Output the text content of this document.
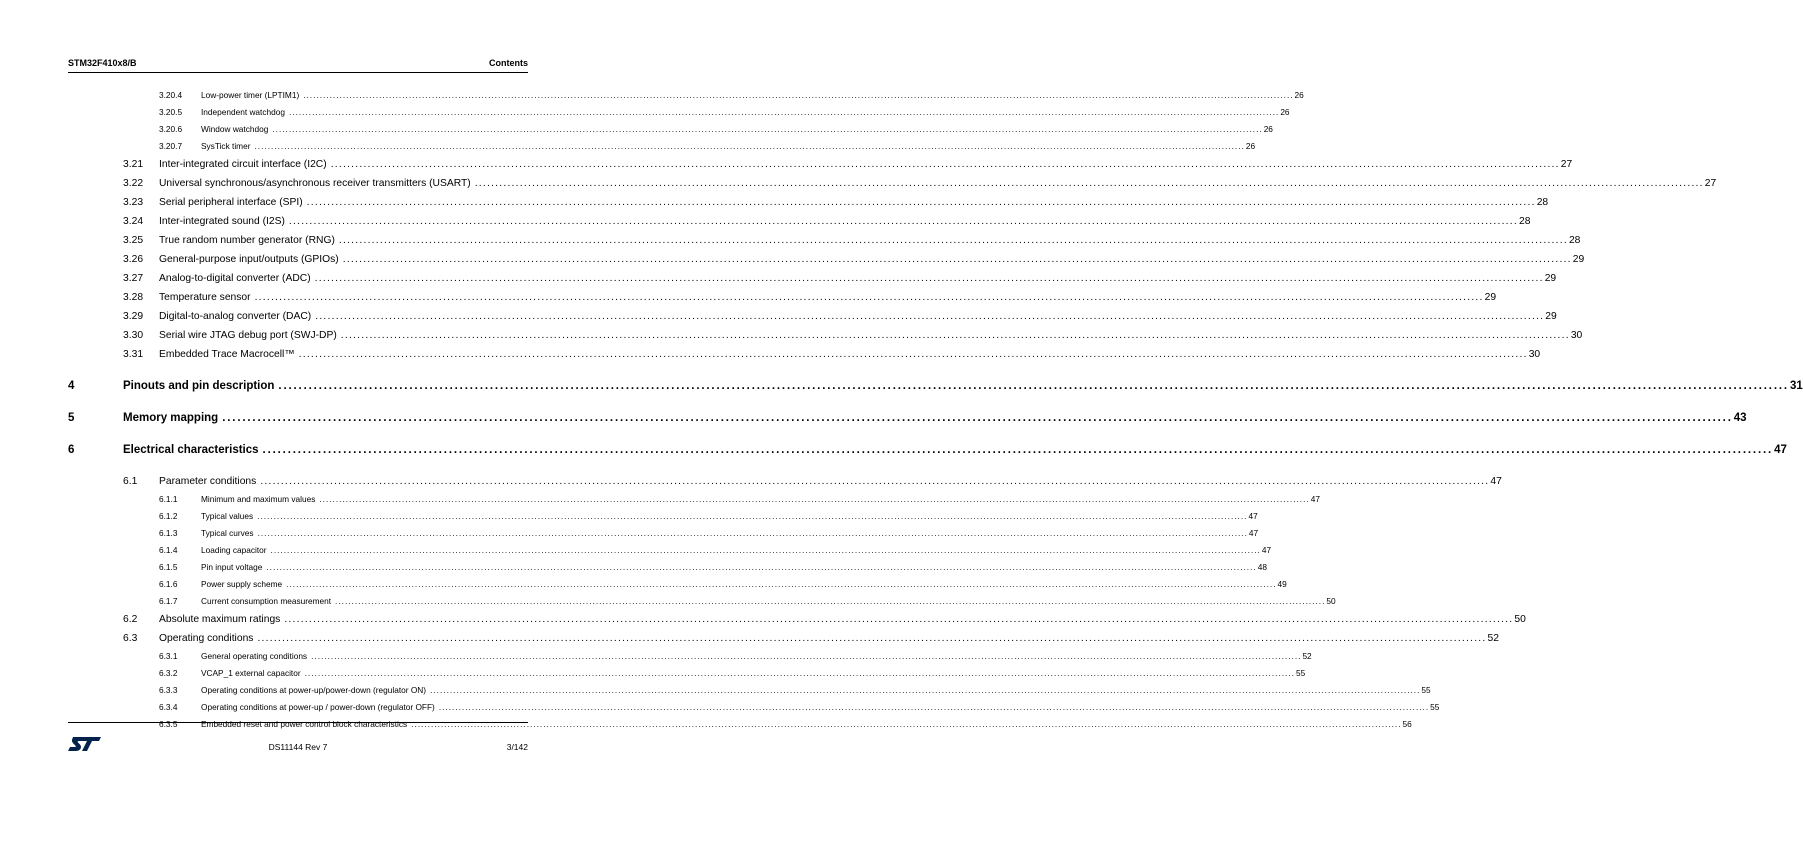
STM32F410x8/B	Contents
3.20.4 Low-power timer (LPTIM1) ............................................................................................................................................................................................................................................................................................................ 26
3.20.5 Independent watchdog ............................................................................................................................................................................................................................................................................................................ 26
3.20.6 Window watchdog ............................................................................................................................................................................................................................................................................................................ 26
3.20.7 SysTick timer ............................................................................................................................................................................................................................................................................................................ 26
3.21 Inter-integrated circuit interface (I2C) ............................................................................................................................................................................................................................................................................................................ 27
3.22 Universal synchronous/asynchronous receiver transmitters (USART) ............................................................................................................................................................................................................................................................................................................ 27
3.23 Serial peripheral interface (SPI) ............................................................................................................................................................................................................................................................................................................ 28
3.24 Inter-integrated sound (I2S) ............................................................................................................................................................................................................................................................................................................ 28
3.25 True random number generator (RNG) ............................................................................................................................................................................................................................................................................................................ 28
3.26 General-purpose input/outputs (GPIOs) ............................................................................................................................................................................................................................................................................................................ 29
3.27 Analog-to-digital converter (ADC) ............................................................................................................................................................................................................................................................................................................ 29
3.28 Temperature sensor ............................................................................................................................................................................................................................................................................................................ 29
3.29 Digital-to-analog converter (DAC) ............................................................................................................................................................................................................................................................................................................ 29
3.30 Serial wire JTAG debug port (SWJ-DP) ............................................................................................................................................................................................................................................................................................................ 30
3.31 Embedded Trace Macrocell™ ............................................................................................................................................................................................................................................................................................................ 30
4	Pinouts and pin description ............................................................................................................................................................................................................................................................................................................ 31
5	Memory mapping ............................................................................................................................................................................................................................................................................................................ 43
6	Electrical characteristics ............................................................................................................................................................................................................................................................................................................ 47
6.1 Parameter conditions ............................................................................................................................................................................................................................................................................................................ 47
6.1.1	Minimum and maximum values ............................................................................................................................................................................................................................................................................................................ 47
6.1.2	Typical values ............................................................................................................................................................................................................................................................................................................ 47
6.1.3	Typical curves ............................................................................................................................................................................................................................................................................................................ 47
6.1.4	Loading capacitor ............................................................................................................................................................................................................................................................................................................ 47
6.1.5	Pin input voltage ............................................................................................................................................................................................................................................................................................................ 48
6.1.6	Power supply scheme ............................................................................................................................................................................................................................................................................................................ 49
6.1.7	Current consumption measurement ............................................................................................................................................................................................................................................................................................................ 50
6.2 Absolute maximum ratings ............................................................................................................................................................................................................................................................................................................ 50
6.3 Operating conditions ............................................................................................................................................................................................................................................................................................................ 52
6.3.1	General operating conditions ............................................................................................................................................................................................................................................................................................................ 52
6.3.2	VCAP_1 external capacitor ............................................................................................................................................................................................................................................................................................................ 55
6.3.3	Operating conditions at power-up/power-down (regulator ON) ............................................................................................................................................................................................................................................................................................................ 55
6.3.4	Operating conditions at power-up / power-down (regulator OFF) ............................................................................................................................................................................................................................................................................................................ 55
6.3.5	Embedded reset and power control block characteristics ............................................................................................................................................................................................................................................................................................................ 56
DS11144 Rev 7	3/142
